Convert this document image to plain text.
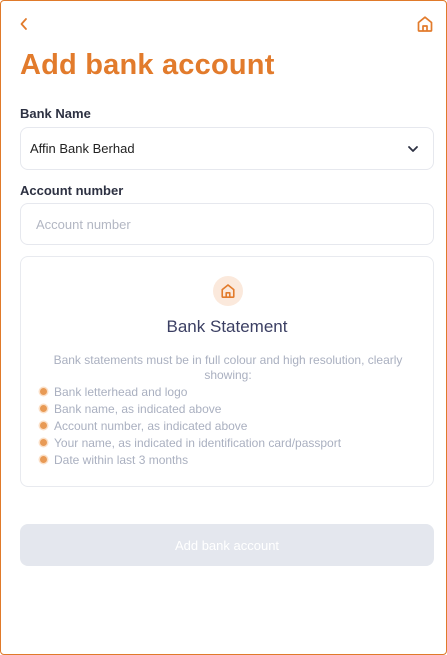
Add bank account
Bank Name
Affin Bank Berhad
Account number
Account number
Bank Statement

Bank statements must be in full colour and high resolution, clearly showing:

Bank letterhead and logo
Bank name, as indicated above
Account number, as indicated above
Your name, as indicated in identification card/passport
Date within last 3 months
Add bank account
